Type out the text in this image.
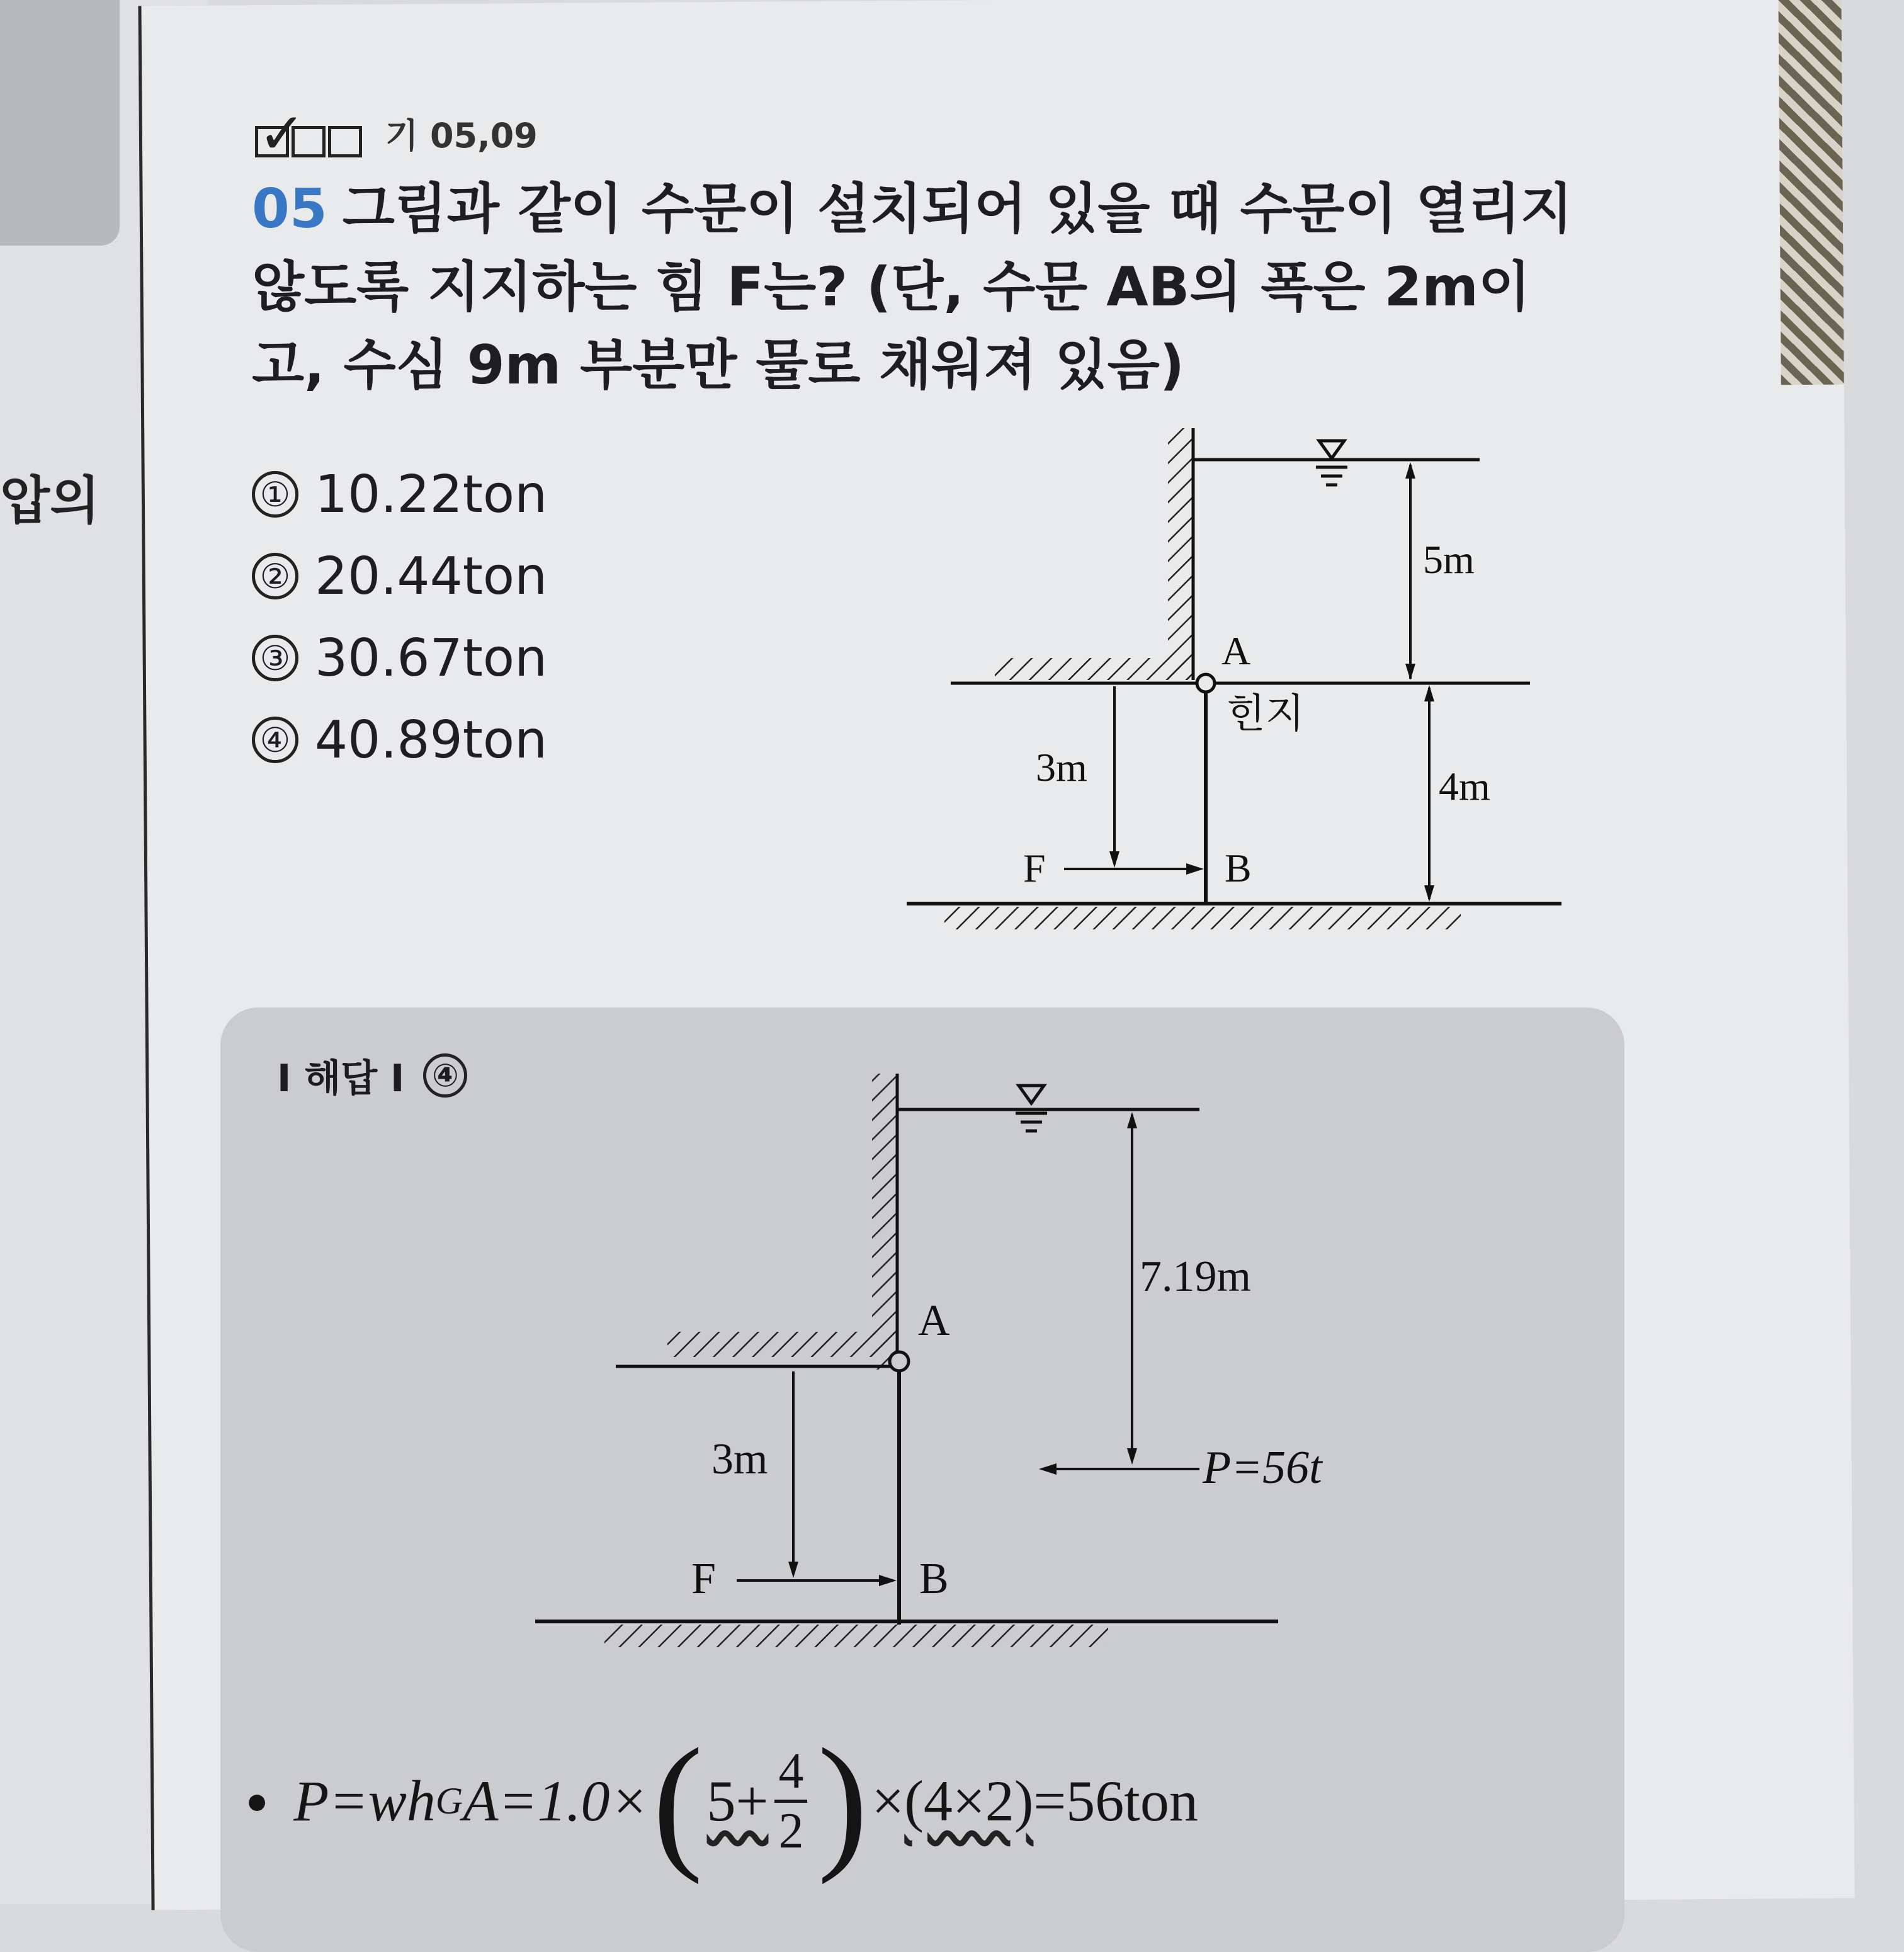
압의
✓ 기 05,09
05 그림과 같이 수문이 설치되어 있을 때 수문이 열리지 않도록 지지하는 힘 F는? (단, 수문 AB의 폭은 2m이고, 수심 9m 부분만 물로 채워져 있음)
① 10.22ton
② 20.44ton
③ 30.67ton
④ 40.89ton
5m
4m
3m
A
B
F
힌지
I 해답 I ④
7.19m
P=56t
3m
A
B
F
● P=wh G A=1.0× ( $5+ \frac{4}{2}$ ) × (4×2) =56ton
